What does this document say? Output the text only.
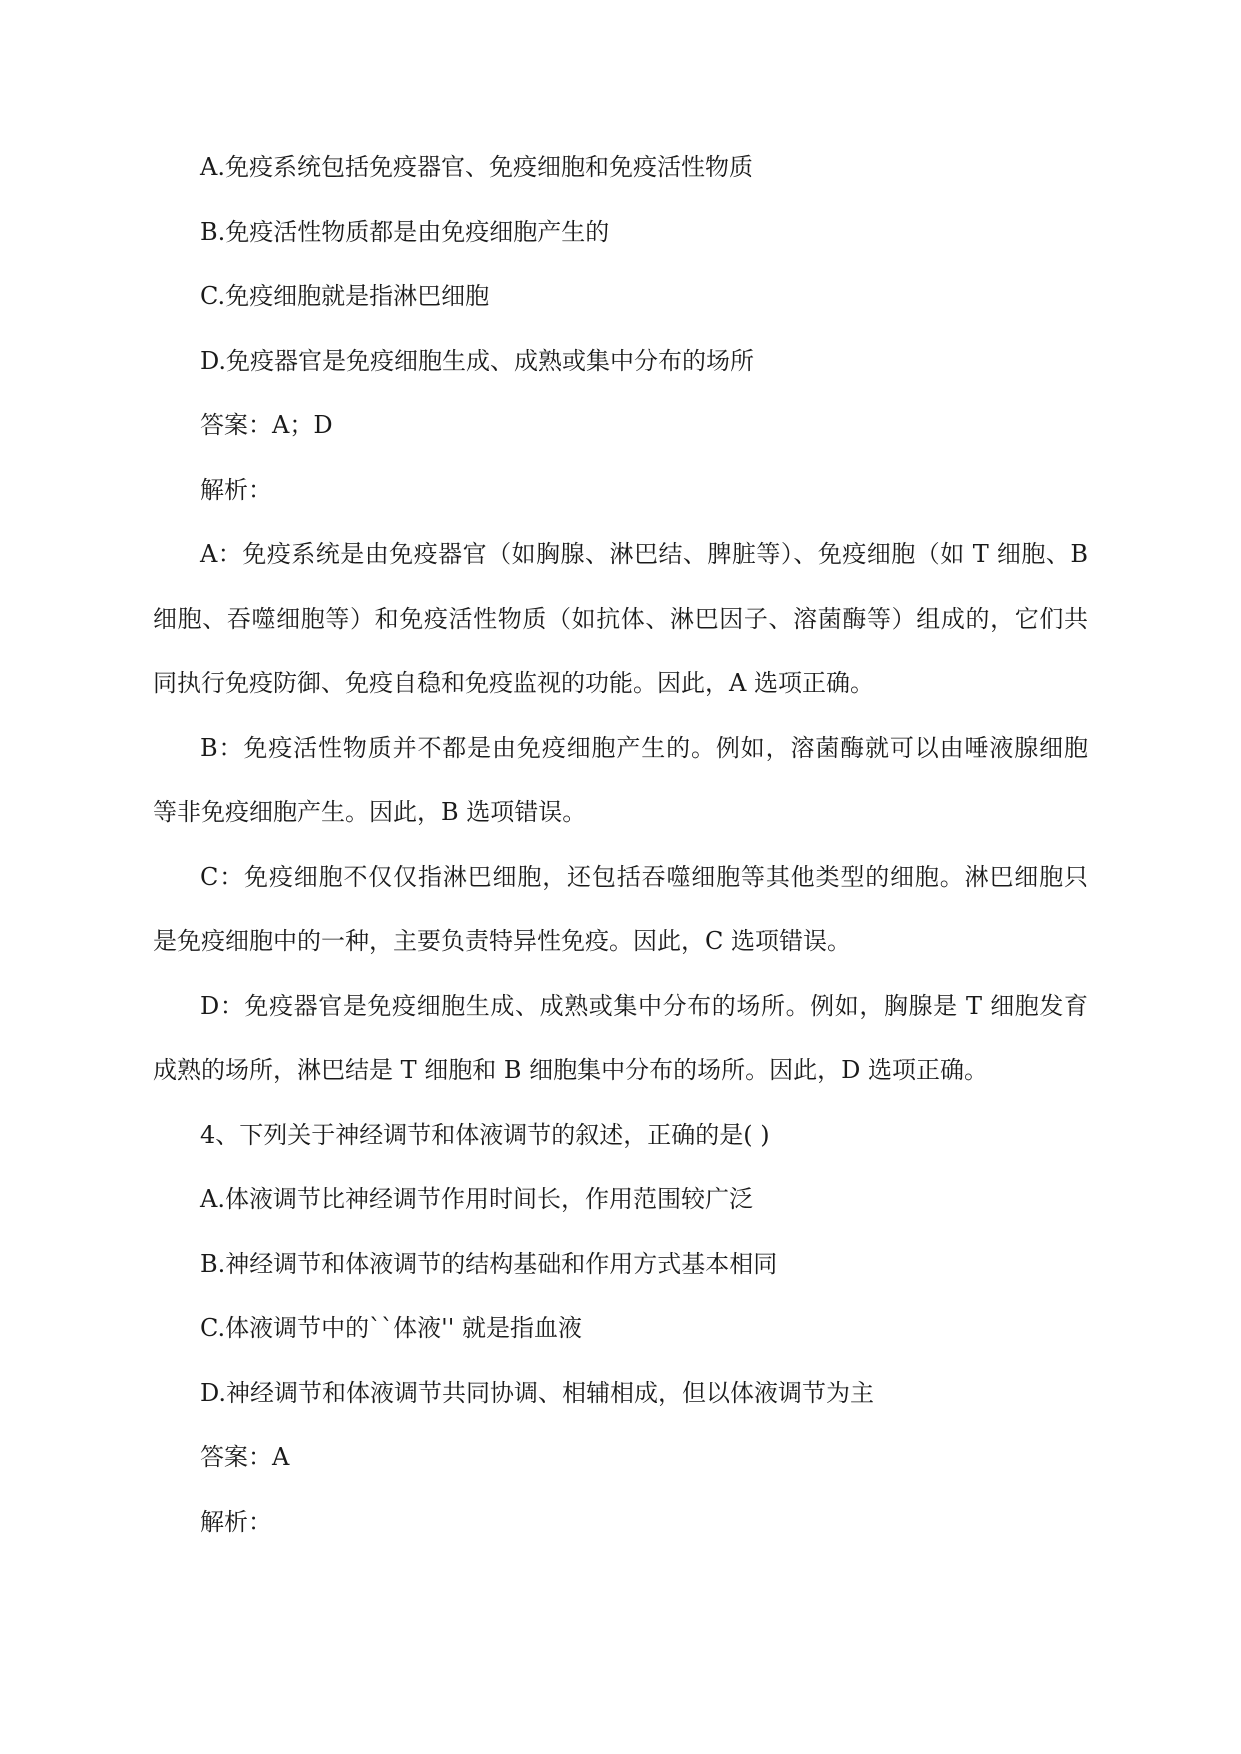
A.免疫系统包括免疫器官、免疫细胞和免疫活性物质
B.免疫活性物质都是由免疫细胞产生的
C.免疫细胞就是指淋巴细胞
D.免疫器官是免疫细胞生成、成熟或集中分布的场所
答案：A；D
解析：
A：免疫系统是由免疫器官（如胸腺、淋巴结、脾脏等）、免疫细胞（如 T 细胞、B
细胞、吞噬细胞等）和免疫活性物质（如抗体、淋巴因子、溶菌酶等）组成的，它们共
同执行免疫防御、免疫自稳和免疫监视的功能。因此，A 选项正确。
B：免疫活性物质并不都是由免疫细胞产生的。例如，溶菌酶就可以由唾液腺细胞
等非免疫细胞产生。因此，B 选项错误。
C：免疫细胞不仅仅指淋巴细胞，还包括吞噬细胞等其他类型的细胞。淋巴细胞只
是免疫细胞中的一种，主要负责特异性免疫。因此，C 选项错误。
D：免疫器官是免疫细胞生成、成熟或集中分布的场所。例如，胸腺是 T 细胞发育
成熟的场所，淋巴结是 T 细胞和 B 细胞集中分布的场所。因此，D 选项正确。
4、下列关于神经调节和体液调节的叙述，正确的是( )
A.体液调节比神经调节作用时间长，作用范围较广泛
B.神经调节和体液调节的结构基础和作用方式基本相同
C.体液调节中的``体液'' 就是指血液
D.神经调节和体液调节共同协调、相辅相成，但以体液调节为主
答案：A
解析：
